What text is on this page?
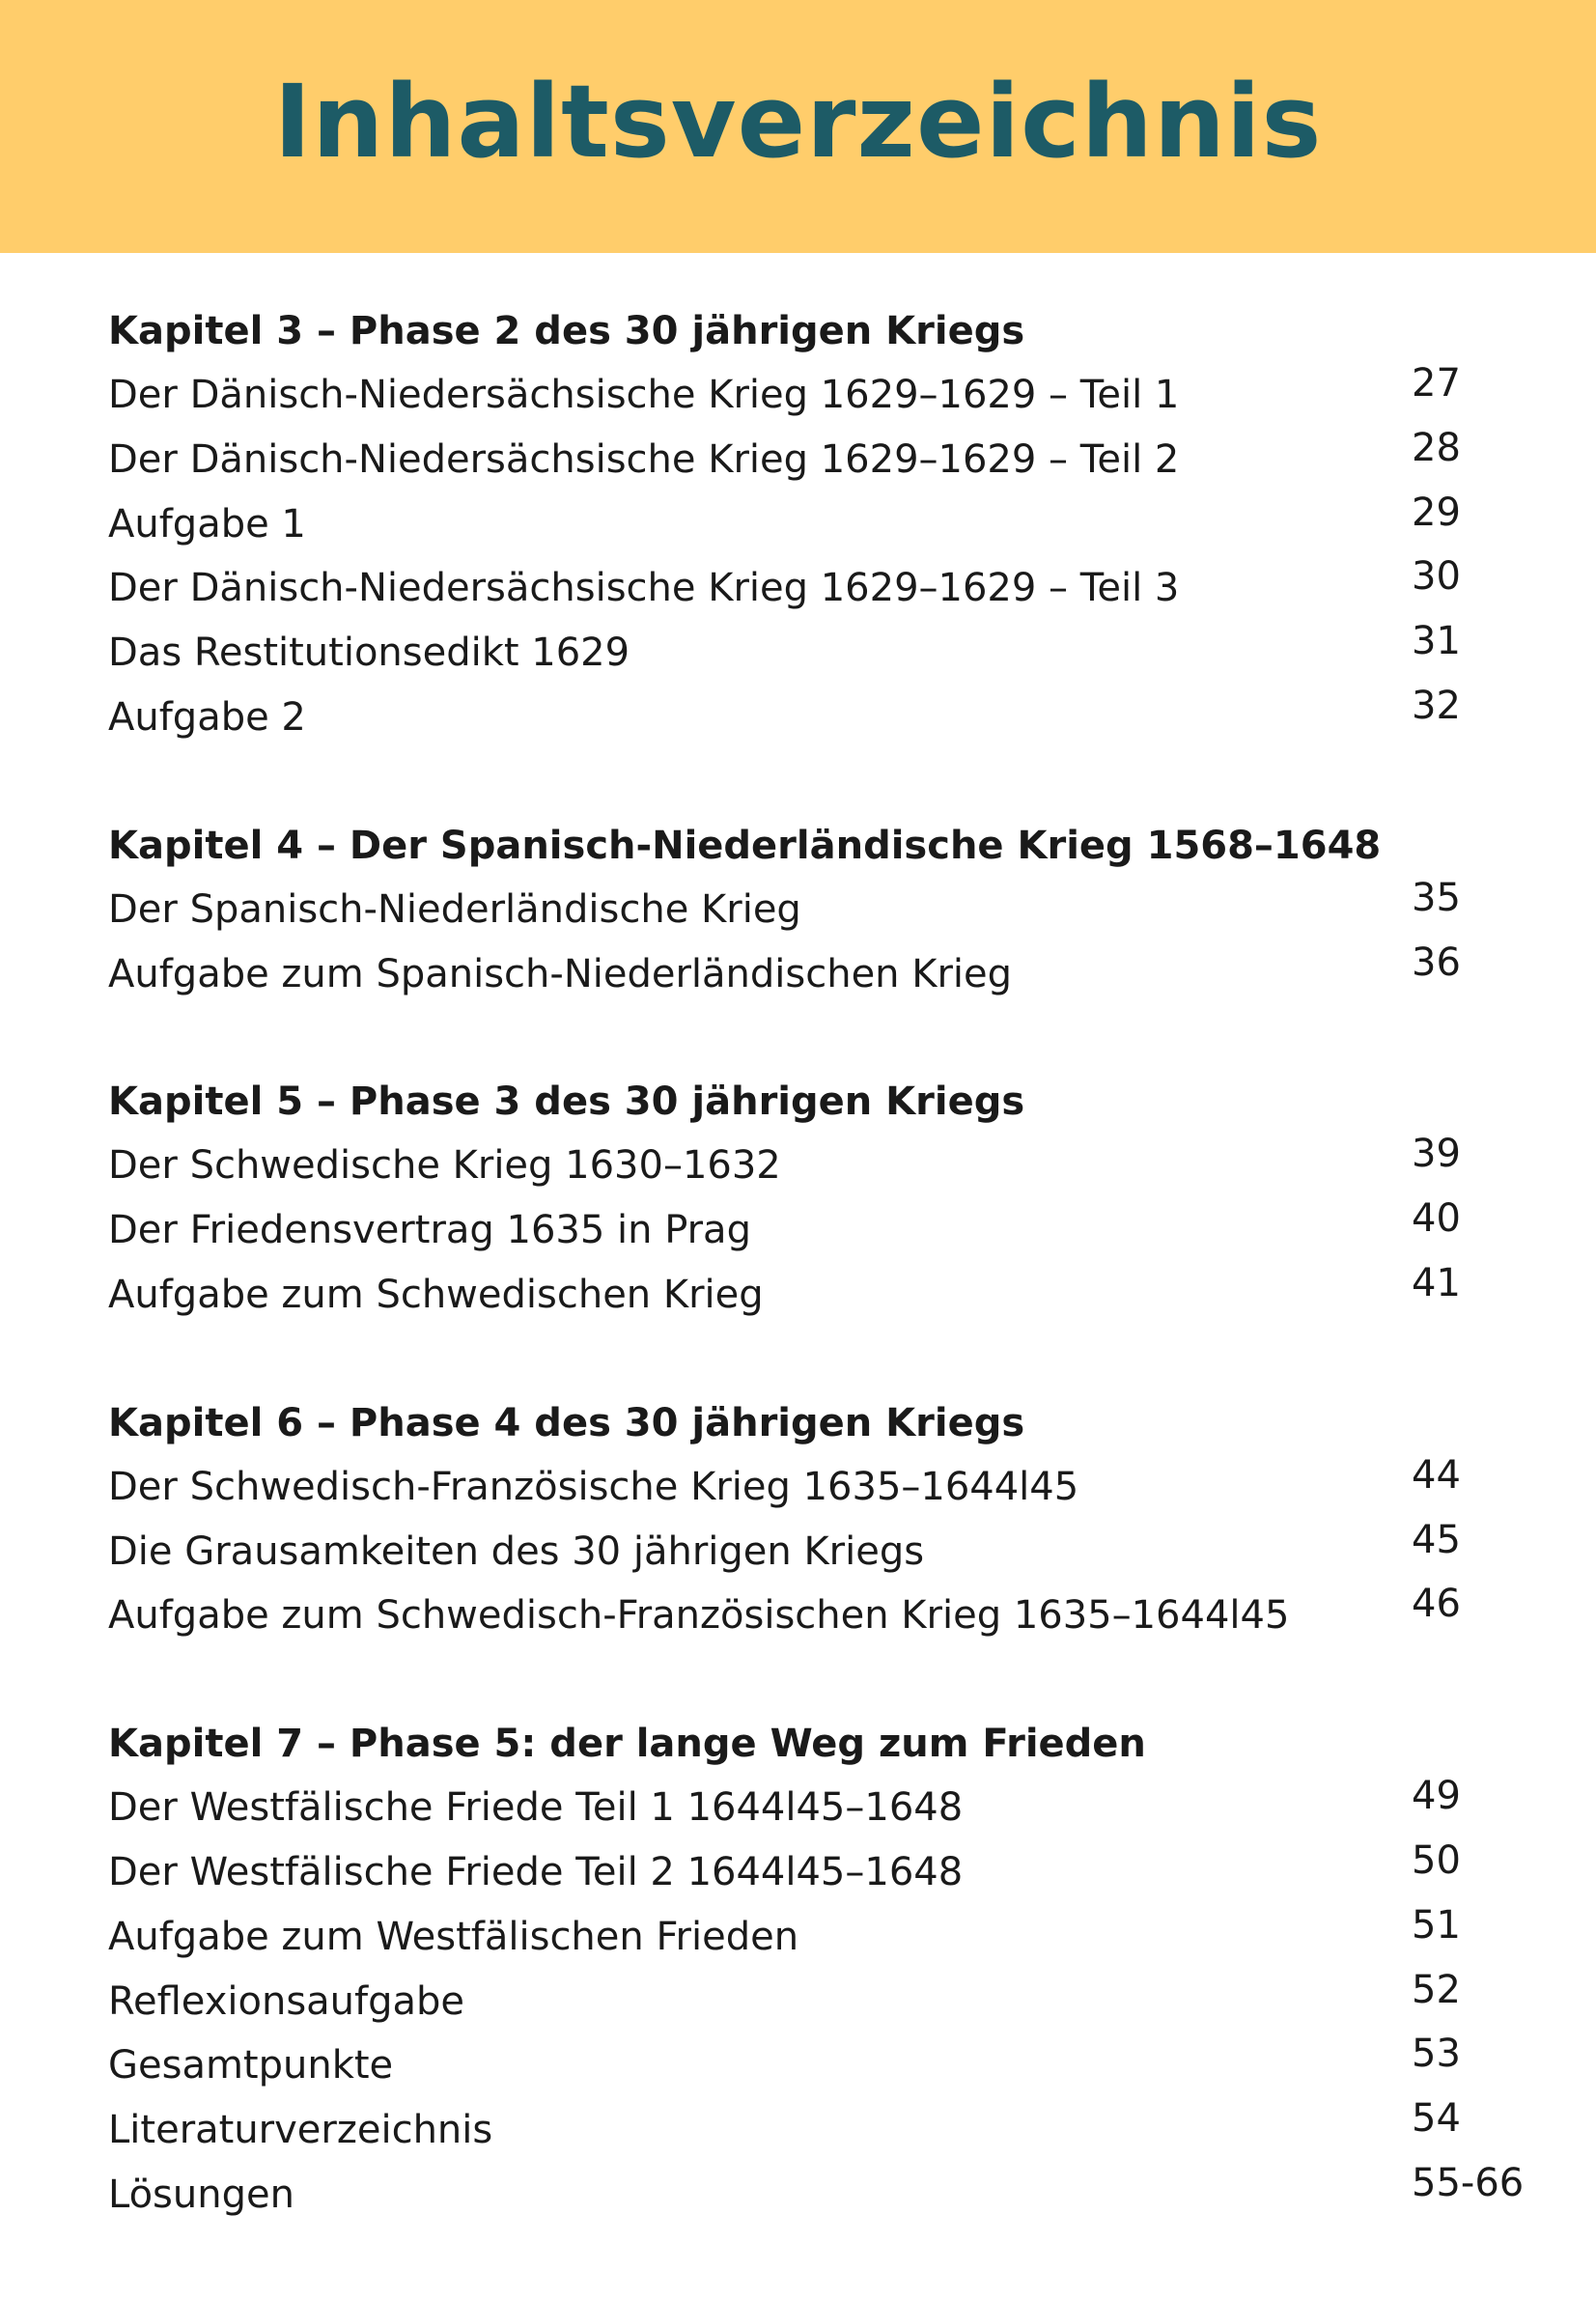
Inhaltsverzeichnis
Kapitel 3 – Phase 2 des 30 jährigen Kriegs
Der Dänisch-Niedersächsische Krieg 1629–1629 – Teil 1	27
Der Dänisch-Niedersächsische Krieg 1629–1629 – Teil 2	28
Aufgabe 1	29
Der Dänisch-Niedersächsische Krieg 1629–1629 – Teil 3	30
Das Restitutionsedikt 1629	31
Aufgabe 2	32
Kapitel 4 – Der Spanisch-Niederländische Krieg 1568–1648
Der Spanisch-Niederländische Krieg	35
Aufgabe zum Spanisch-Niederländischen Krieg	36
Kapitel 5 – Phase 3 des 30 jährigen Kriegs
Der Schwedische Krieg 1630–1632	39
Der Friedensvertrag 1635 in Prag	40
Aufgabe zum Schwedischen Krieg	41
Kapitel 6 – Phase 4 des 30 jährigen Kriegs
Der Schwedisch-Französische Krieg 1635–1644l45	44
Die Grausamkeiten des 30 jährigen Kriegs	45
Aufgabe zum Schwedisch-Französischen Krieg 1635–1644l45	46
Kapitel 7 – Phase 5: der lange Weg zum Frieden
Der Westfälische Friede Teil 1 1644l45–1648	49
Der Westfälische Friede Teil 2 1644l45–1648	50
Aufgabe zum Westfälischen Frieden	51
Reflexionsaufgabe	52
Gesamtpunkte	53
Literaturverzeichnis	54
Lösungen	55-66
